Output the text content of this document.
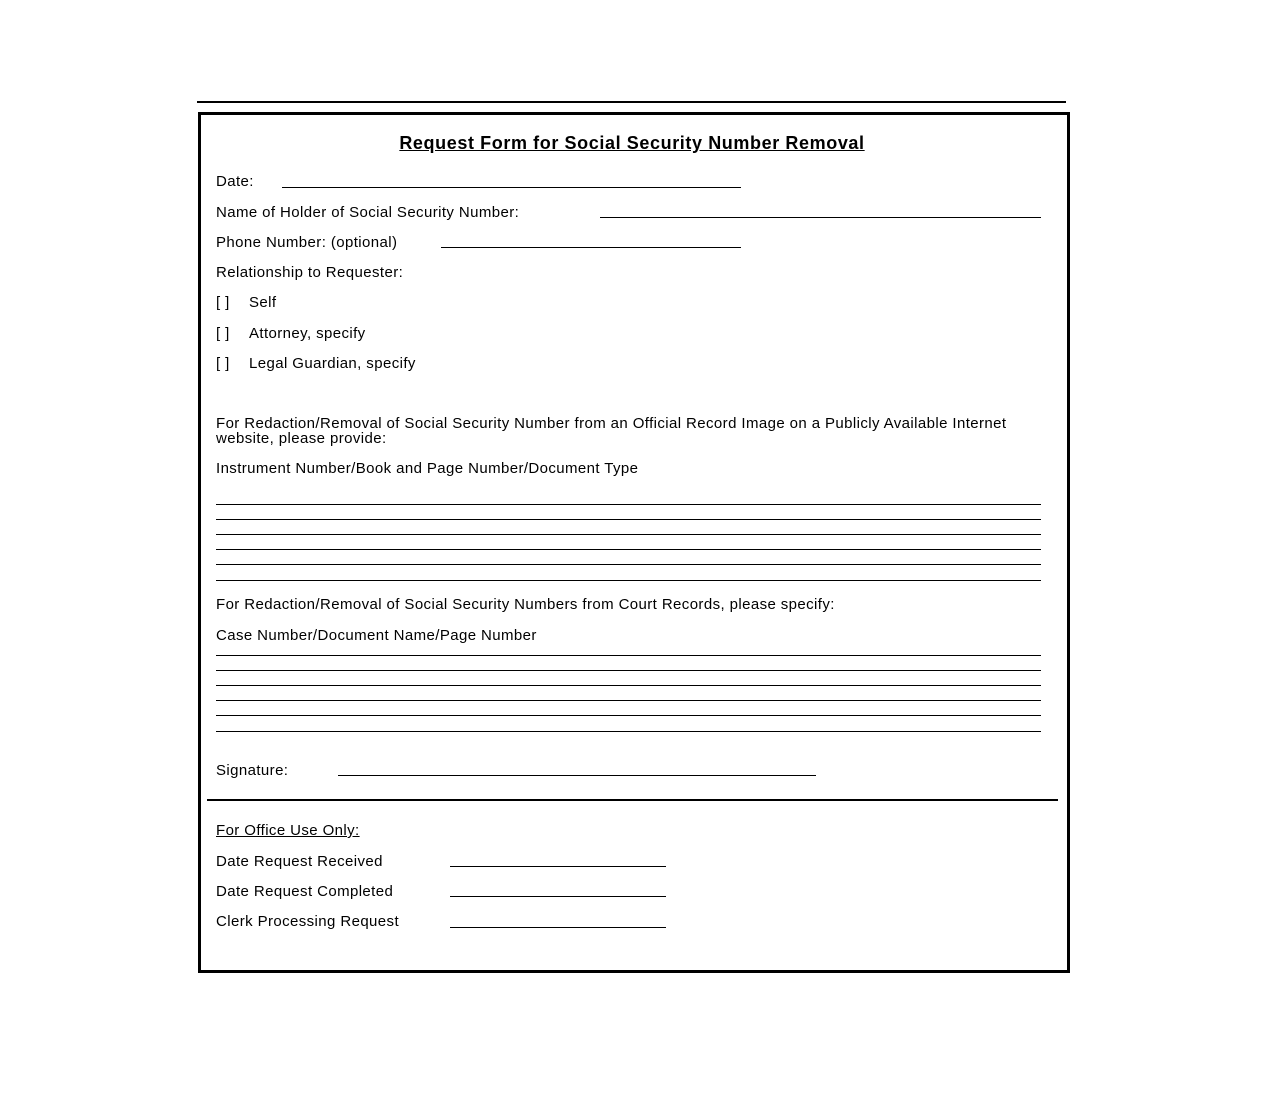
Request Form for Social Security Number Removal
Date:
Name of Holder of Social Security Number:
Phone Number: (optional)
Relationship to Requester:
[ ] Self
[ ] Attorney, specify
[ ] Legal Guardian, specify
For Redaction/Removal of Social Security Number from an Official Record Image on a Publicly Available Internet website, please provide:
Instrument Number/Book and Page Number/Document Type
For Redaction/Removal of Social Security Numbers from Court Records, please specify:
Case Number/Document Name/Page Number
Signature:
For Office Use Only:
Date Request Received
Date Request Completed
Clerk Processing Request
